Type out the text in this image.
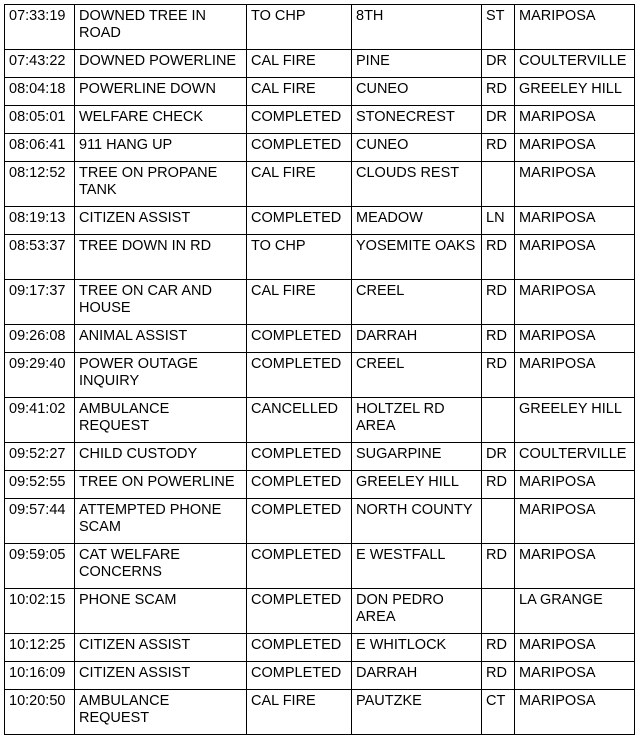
07:33:19	DOWNED TREE IN ROAD	TO CHP	8TH	ST	MARIPOSA
07:43:22	DOWNED POWERLINE	CAL FIRE	PINE	DR	COULTERVILLE
08:04:18	POWERLINE DOWN	CAL FIRE	CUNEO	RD	GREELEY HILL
08:05:01	WELFARE CHECK	COMPLETED	STONECREST	DR	MARIPOSA
08:06:41	911 HANG UP	COMPLETED	CUNEO	RD	MARIPOSA
08:12:52	TREE ON PROPANE TANK	CAL FIRE	CLOUDS REST		MARIPOSA
08:19:13	CITIZEN ASSIST	COMPLETED	MEADOW	LN	MARIPOSA
08:53:37	TREE DOWN IN RD	TO CHP	YOSEMITE OAKS	RD	MARIPOSA
09:17:37	TREE ON CAR AND HOUSE	CAL FIRE	CREEL	RD	MARIPOSA
09:26:08	ANIMAL ASSIST	COMPLETED	DARRAH	RD	MARIPOSA
09:29:40	POWER OUTAGE INQUIRY	COMPLETED	CREEL	RD	MARIPOSA
09:41:02	AMBULANCE REQUEST	CANCELLED	HOLTZEL RD AREA		GREELEY HILL
09:52:27	CHILD CUSTODY	COMPLETED	SUGARPINE	DR	COULTERVILLE
09:52:55	TREE ON POWERLINE	COMPLETED	GREELEY HILL	RD	MARIPOSA
09:57:44	ATTEMPTED PHONE SCAM	COMPLETED	NORTH COUNTY		MARIPOSA
09:59:05	CAT WELFARE CONCERNS	COMPLETED	E WESTFALL	RD	MARIPOSA
10:02:15	PHONE SCAM	COMPLETED	DON PEDRO AREA		LA GRANGE
10:12:25	CITIZEN ASSIST	COMPLETED	E WHITLOCK	RD	MARIPOSA
10:16:09	CITIZEN ASSIST	COMPLETED	DARRAH	RD	MARIPOSA
10:20:50	AMBULANCE REQUEST	CAL FIRE	PAUTZKE	CT	MARIPOSA
